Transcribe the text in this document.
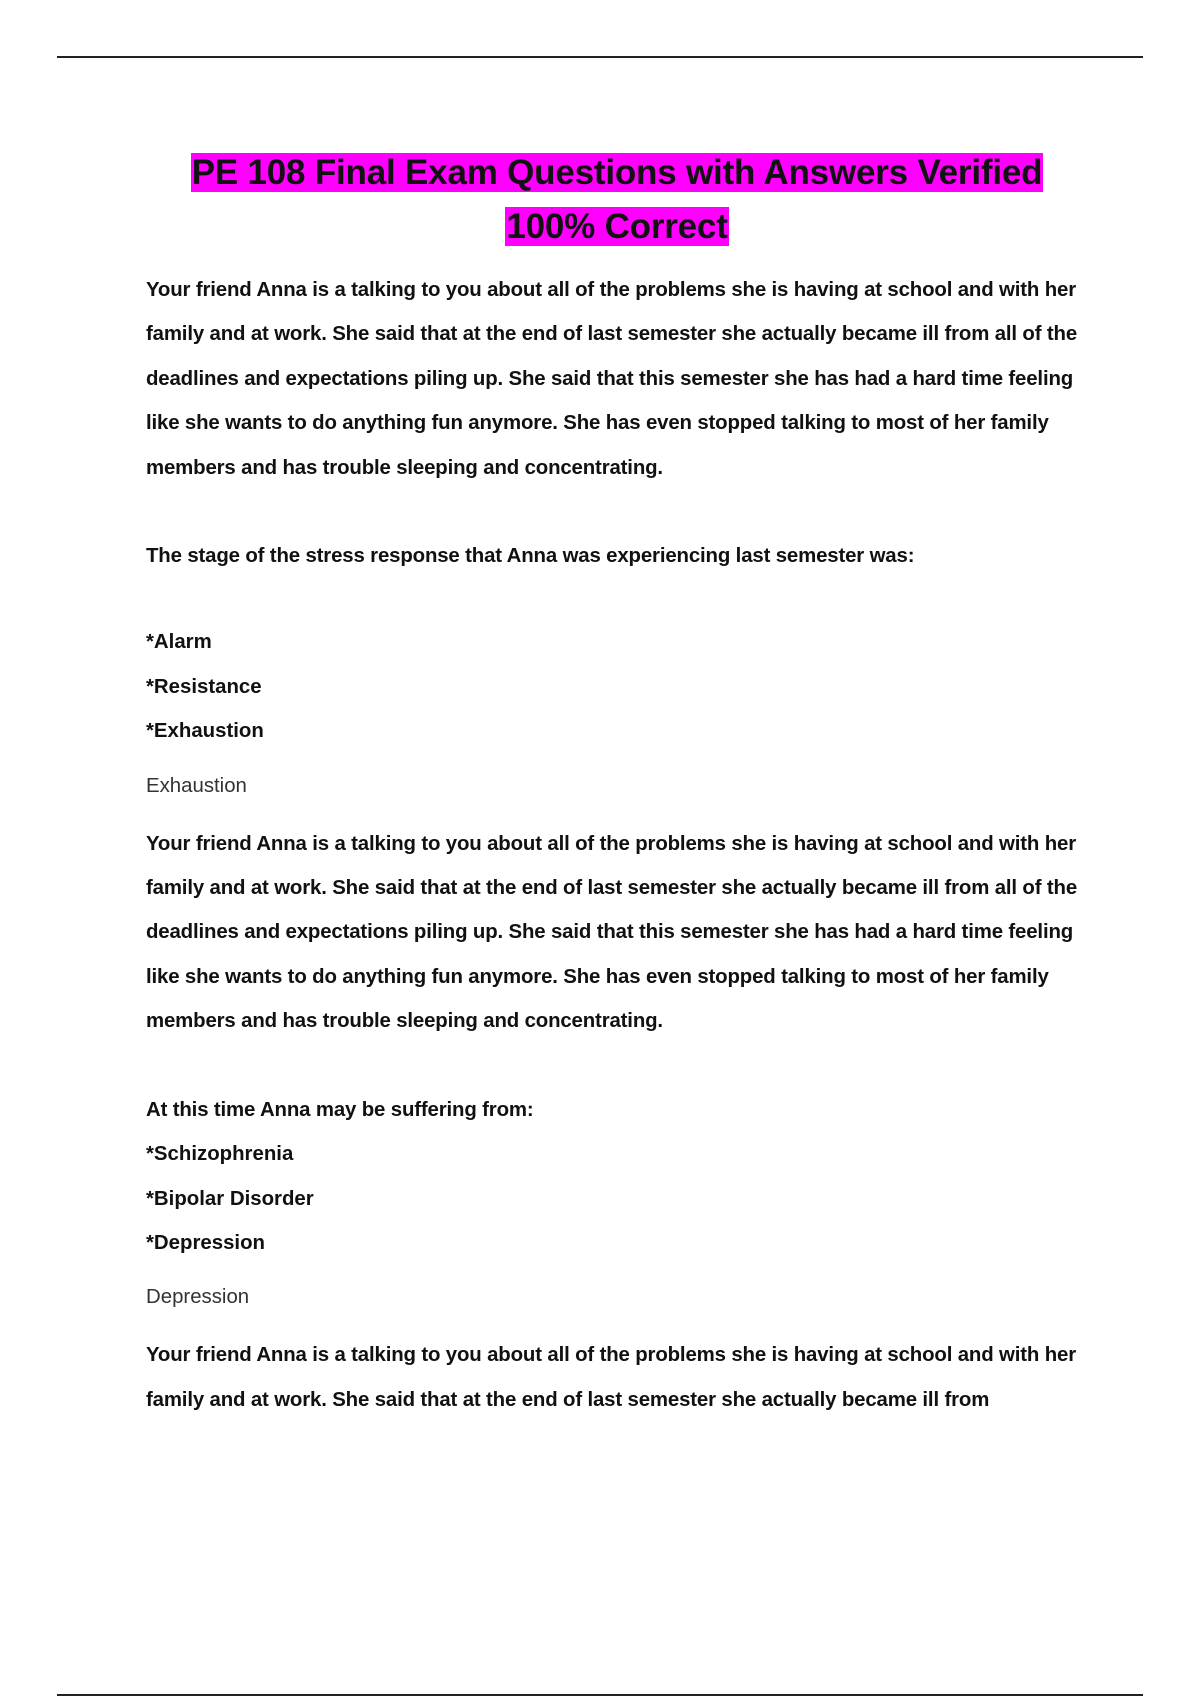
PE 108 Final Exam Questions with Answers Verified
100% Correct

Your friend Anna is a talking to you about all of the problems she is having at school and with her family and at work. She said that at the end of last semester she actually became ill from all of the deadlines and expectations piling up. She said that this semester she has had a hard time feeling like she wants to do anything fun anymore. She has even stopped talking to most of her family members and has trouble sleeping and concentrating.

The stage of the stress response that Anna was experiencing last semester was:

*Alarm

*Resistance

*Exhaustion

Exhaustion

Your friend Anna is a talking to you about all of the problems she is having at school and with her family and at work. She said that at the end of last semester she actually became ill from all of the deadlines and expectations piling up. She said that this semester she has had a hard time feeling like she wants to do anything fun anymore. She has even stopped talking to most of her family members and has trouble sleeping and concentrating.

At this time Anna may be suffering from:

*Schizophrenia

*Bipolar Disorder

*Depression

Depression

Your friend Anna is a talking to you about all of the problems she is having at school and with her family and at work. She said that at the end of last semester she actually became ill from
